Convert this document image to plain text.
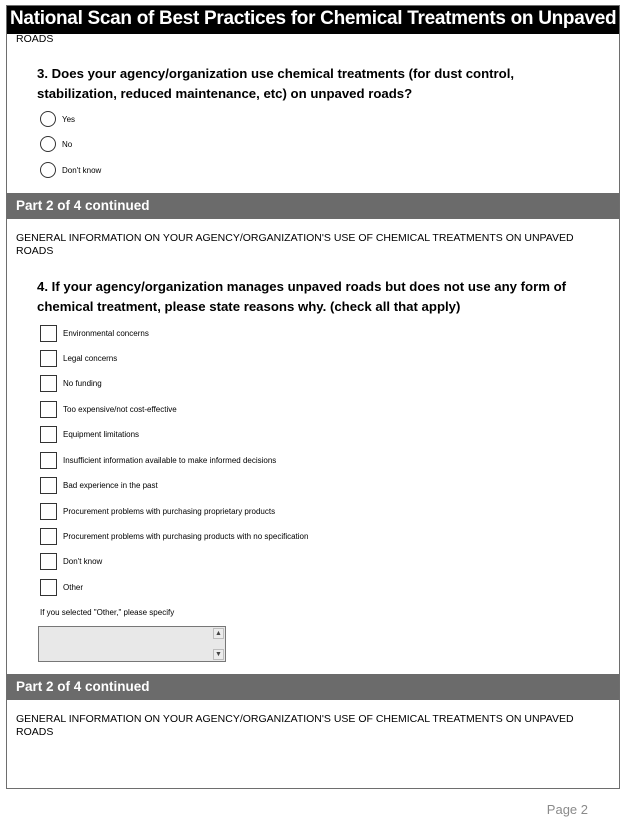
National Scan of Best Practices for Chemical Treatments on Unpaved
ROADS
3. Does your agency/organization use chemical treatments (for dust control,
stabilization, reduced maintenance, etc) on unpaved roads?
Yes
No
Don't know
Part 2 of 4 continued
GENERAL INFORMATION ON YOUR AGENCY/ORGANIZATION'S USE OF CHEMICAL TREATMENTS ON UNPAVED
ROADS
4. If your agency/organization manages unpaved roads but does not use any form of
chemical treatment, please state reasons why. (check all that apply)
Environmental concerns
Legal concerns
No funding
Too expensive/not cost-effective
Equipment limitations
Insufficient information available to make informed decisions
Bad experience in the past
Procurement problems with purchasing proprietary products
Procurement problems with purchasing products with no specification
Don't know
Other
If you selected "Other," please specify
▲
▼
Part 2 of 4 continued
GENERAL INFORMATION ON YOUR AGENCY/ORGANIZATION'S USE OF CHEMICAL TREATMENTS ON UNPAVED
ROADS
Page 2
